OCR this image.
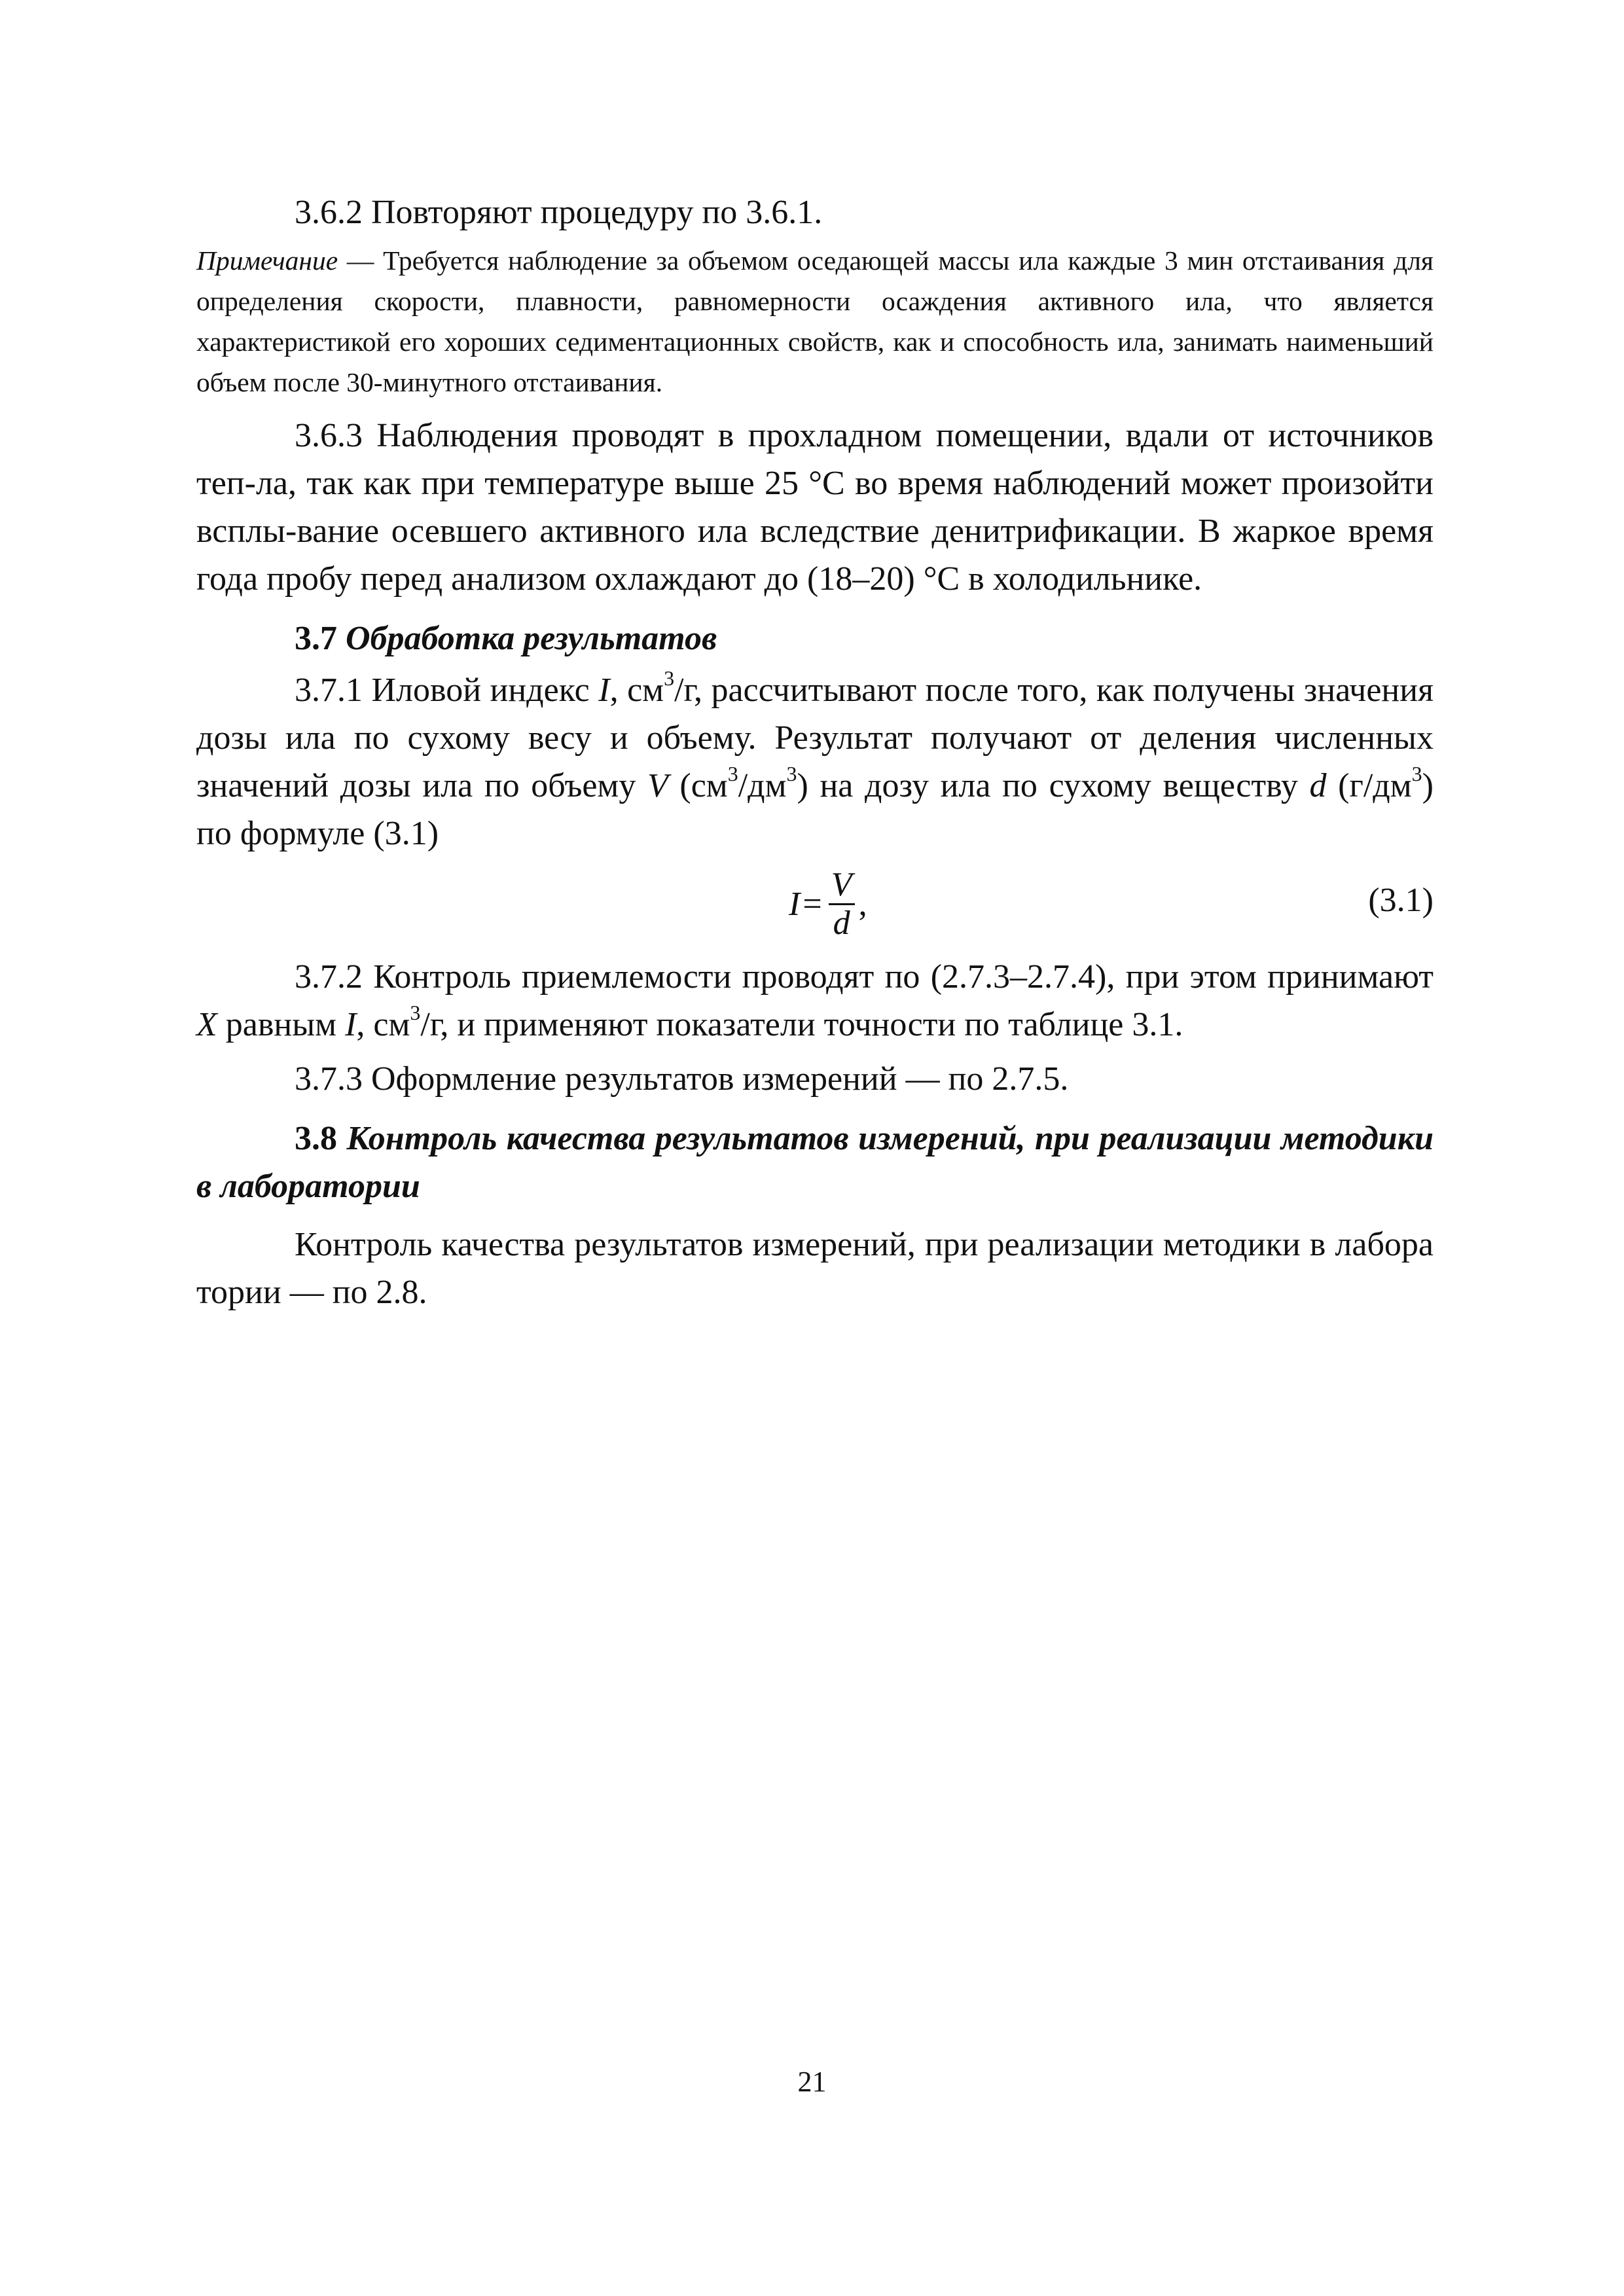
3.6.2 Повторяют процедуру по 3.6.1.

Примечание — Требуется наблюдение за объемом оседающей массы ила каждые 3 мин отстаивания для определения скорости, плавности, равномерности осаждения активного ила, что является характеристикой его хороших седиментационных свойств, как и способность ила, занимать наименьший объем после 30-минутного отстаивания.

3.6.3 Наблюдения проводят в прохладном помещении, вдали от источников теп-ла, так как при температуре выше 25 °С во время наблюдений может произойти всплы-вание осевшего активного ила вследствие денитрификации. В жаркое время года пробу перед анализом охлаждают до (18–20) °С в холодильнике.

3.7 Обработка результатов

3.7.1 Иловой индекс I, $см^3/г$, рассчитывают после того, как получены значения дозы ила по сухому весу и объему. Результат получают от деления численных значений дозы ила по объему V $(см^3/дм^3)$ на дозу ила по сухому веществу d $(г/дм^3)$ по формуле (3.1)

$I = \frac{V}{d}$ ,	(3.1)

3.7.2 Контроль приемлемости проводят по (2.7.3–2.7.4), при этом принимают X равным I, $см^3/г$, и применяют показатели точности по таблице 3.1.

3.7.3 Оформление результатов измерений — по 2.7.5.

3.8 Контроль качества результатов измерений, при реализации методики в лаборатории

Контроль качества результатов измерений, при реализации методики в лабора тории — по 2.8.

21
